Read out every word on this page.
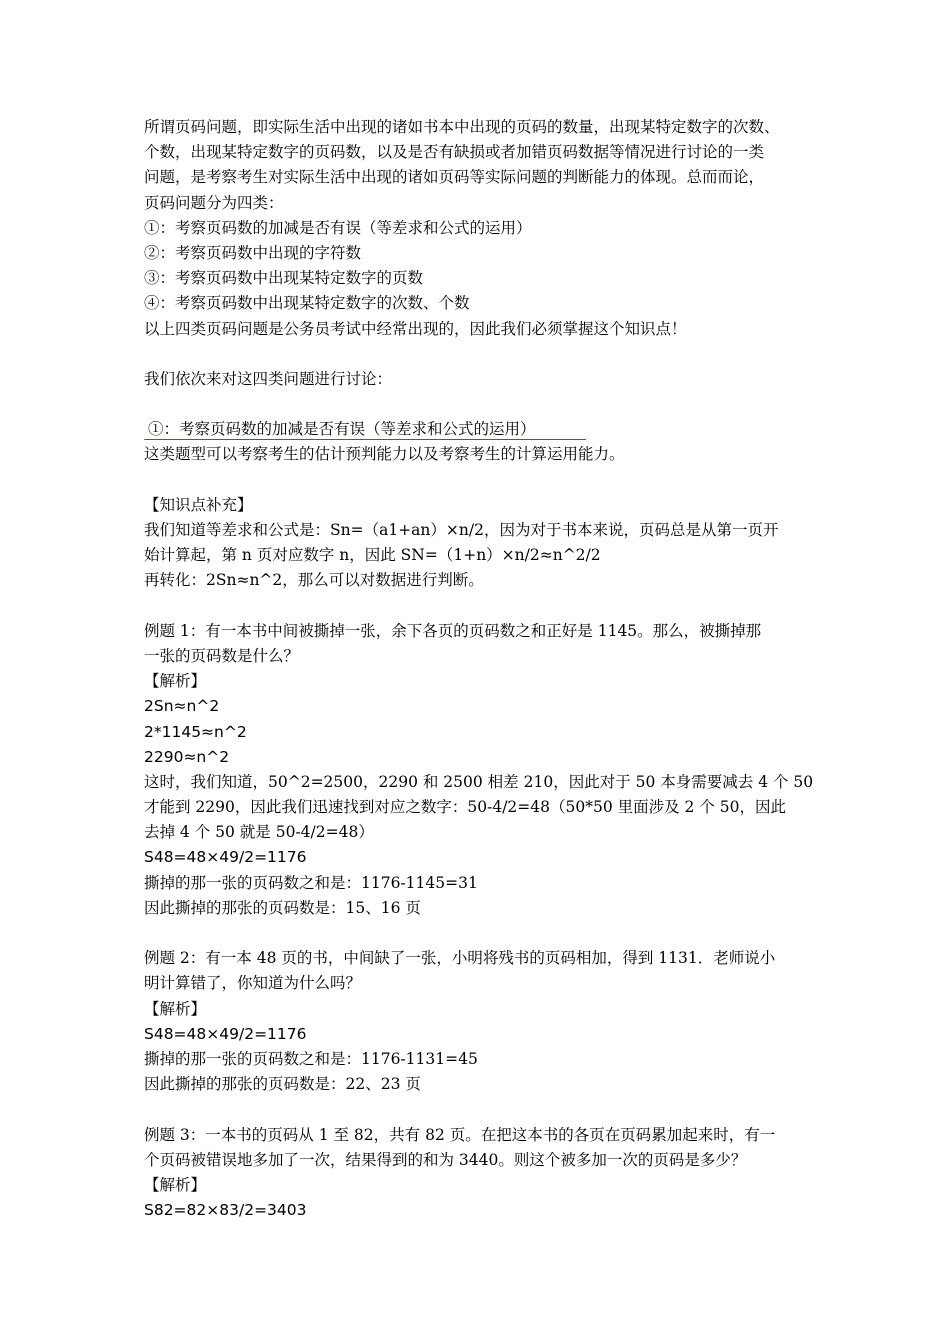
所谓页码问题，即实际生活中出现的诸如书本中出现的页码的数量，出现某特定数字的次数、
个数，出现某特定数字的页码数，以及是否有缺损或者加错页码数据等情况进行讨论的一类
问题，是考察考生对实际生活中出现的诸如页码等实际问题的判断能力的体现。总而而论，
页码问题分为四类：
①：考察页码数的加减是否有误（等差求和公式的运用）
②：考察页码数中出现的字符数
③：考察页码数中出现某特定数字的页数
④：考察页码数中出现某特定数字的次数、个数
以上四类页码问题是公务员考试中经常出现的，因此我们必须掌握这个知识点！
我们依次来对这四类问题进行讨论：
①：考察页码数的加减是否有误（等差求和公式的运用）
这类题型可以考察考生的估计预判能力以及考察考生的计算运用能力。
【知识点补充】
我们知道等差求和公式是：Sn=（a1+an）×n/2，因为对于书本来说，页码总是从第一页开
始计算起，第 n 页对应数字 n，因此 SN=（1+n）×n/2≈n^2/2
再转化：2Sn≈n^2，那么可以对数据进行判断。
例题 1：有一本书中间被撕掉一张，余下各页的页码数之和正好是 1145。那么，被撕掉那
一张的页码数是什么？
【解析】
2Sn≈n^2
2*1145≈n^2
2290≈n^2
这时，我们知道，50^2=2500，2290 和 2500 相差 210，因此对于 50 本身需要减去 4 个 50
才能到 2290，因此我们迅速找到对应之数字：50-4/2=48（50*50 里面涉及 2 个 50，因此
去掉 4 个 50 就是 50-4/2=48）
S48=48×49/2=1176
撕掉的那一张的页码数之和是：1176-1145=31
因此撕掉的那张的页码数是：15、16 页
例题 2：有一本 48 页的书，中间缺了一张，小明将残书的页码相加，得到 1131．老师说小
明计算错了，你知道为什么吗？
【解析】
S48=48×49/2=1176
撕掉的那一张的页码数之和是：1176-1131=45
因此撕掉的那张的页码数是：22、23 页
例题 3：一本书的页码从 1 至 82，共有 82 页。在把这本书的各页在页码累加起来时，有一
个页码被错误地多加了一次，结果得到的和为 3440。则这个被多加一次的页码是多少？
【解析】
S82=82×83/2=3403
